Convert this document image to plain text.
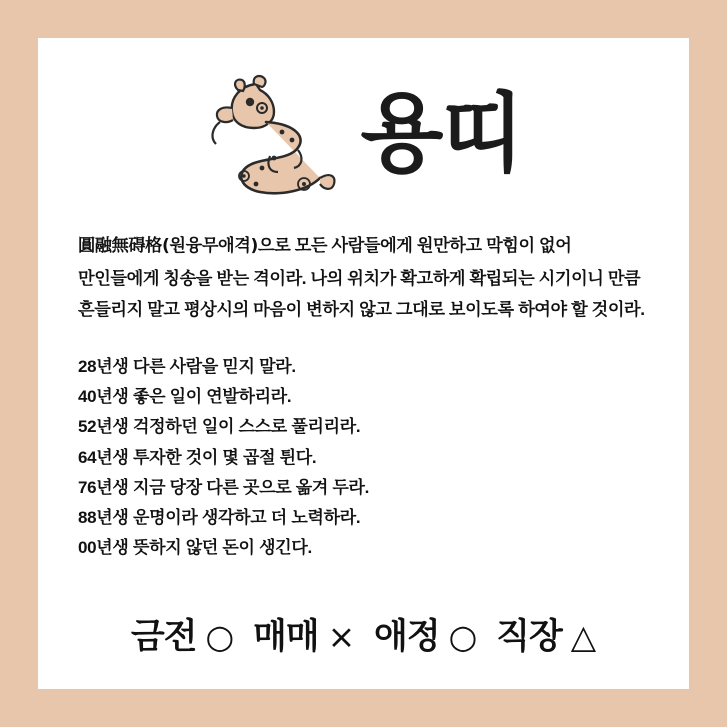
용띠

圓融無碍格(원융무애격)으로 모든 사람들에게 원만하고 막힘이 없어 만인들에게 칭송을 받는 격이라. 나의 위치가 확고하게 확립되는 시기이니 만큼 흔들리지 말고 평상시의 마음이 변하지 않고 그대로 보이도록 하여야 할 것이라.

28년생 다른 사람을 믿지 말라.
40년생 좋은 일이 연발하리라.
52년생 걱정하던 일이 스스로 풀리리라.
64년생 투자한 것이 몇 곱절 튄다.
76년생 지금 당장 다른 곳으로 옮겨 두라.
88년생 운명이라 생각하고 더 노력하라.
00년생 뜻하지 않던 돈이 생긴다.
금전 ○ 매매 × 애정 ○ 직장 △
